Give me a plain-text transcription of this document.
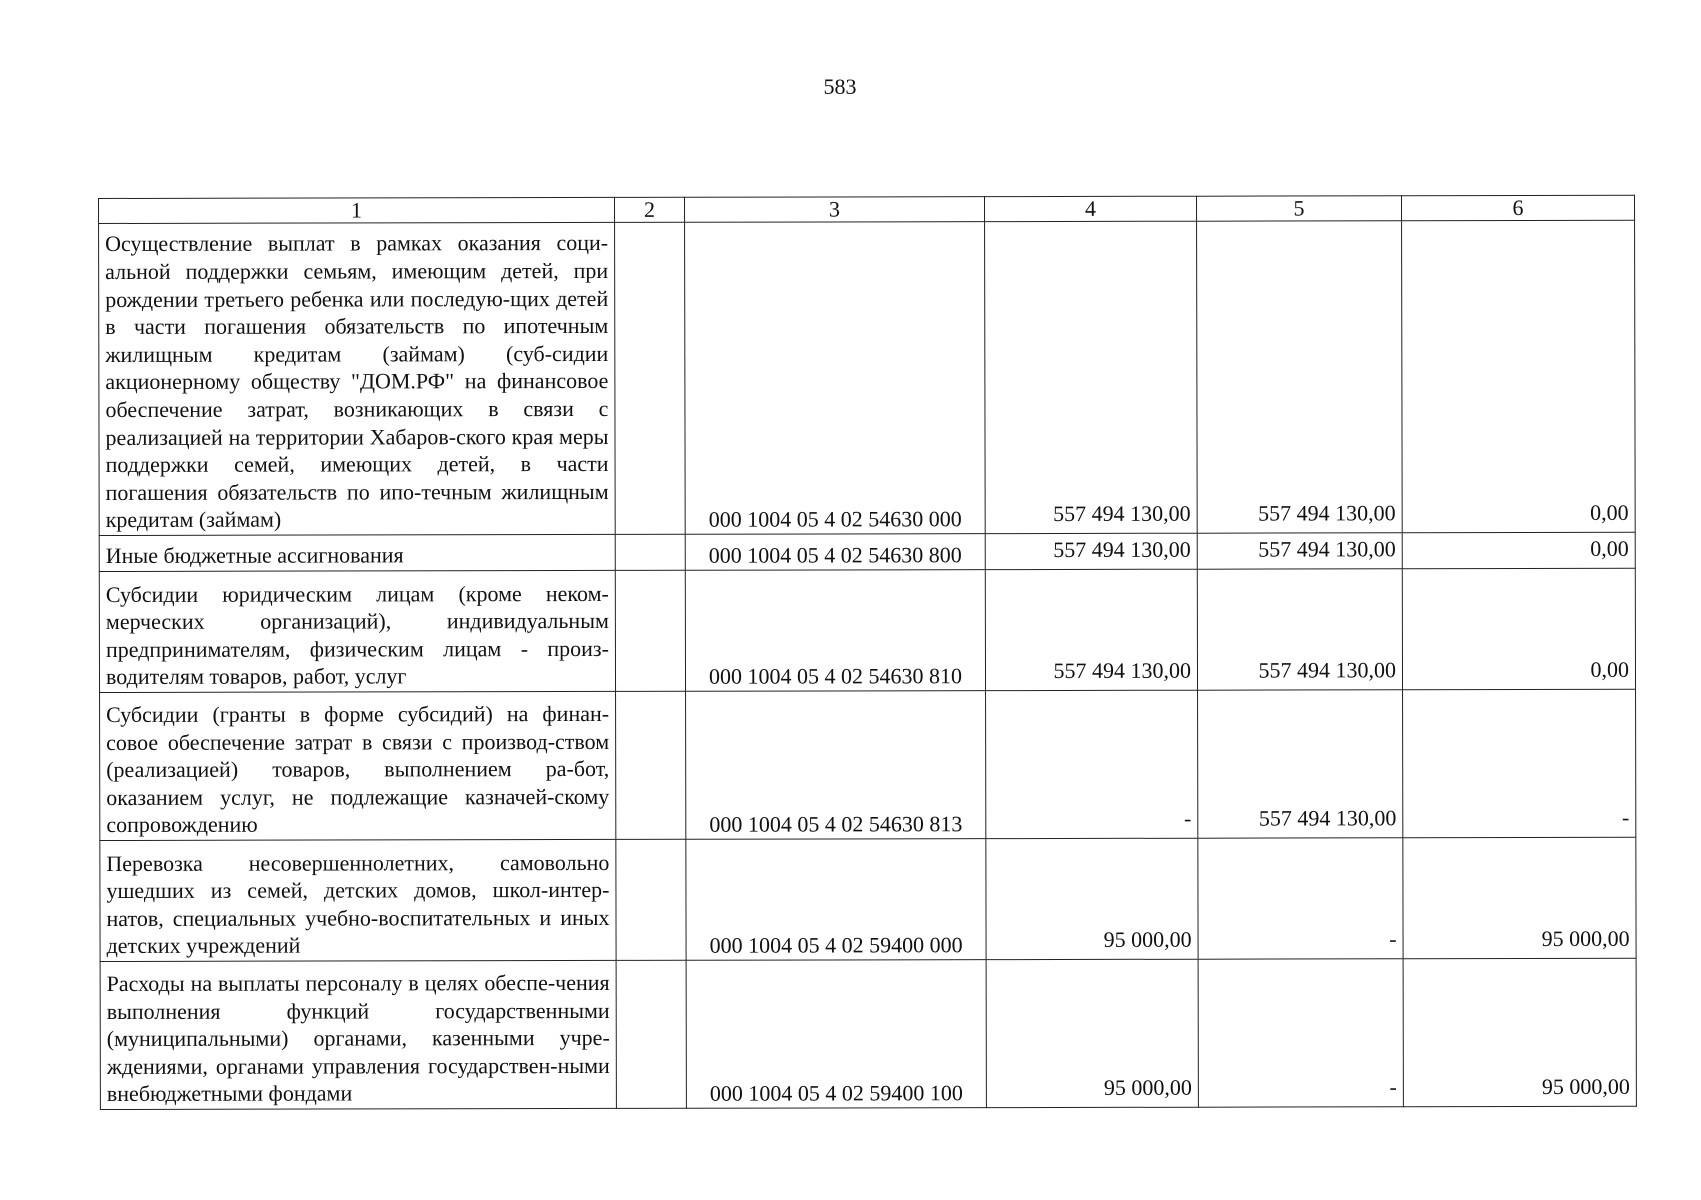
583
1	2	3	4	5	6
Осуществление выплат в рамках оказания соци-альной поддержки семьям, имеющим детей, при рождении третьего ребенка или последую-щих детей в части погашения обязательств по ипотечным жилищным кредитам (займам) (суб-сидии акционерному обществу "ДОМ.РФ" на финансовое обеспечение затрат, возникающих в связи с реализацией на территории Хабаров-ского края меры поддержки семей, имеющих детей, в части погашения обязательств по ипо-течным жилищным кредитам (займам)		000 1004 05 4 02 54630 000	557 494 130,00	557 494 130,00	0,00
Иные бюджетные ассигнования		000 1004 05 4 02 54630 800	557 494 130,00	557 494 130,00	0,00
Субсидии юридическим лицам (кроме неком-мерческих организаций), индивидуальным предпринимателям, физическим лицам - произ-водителям товаров, работ, услуг		000 1004 05 4 02 54630 810	557 494 130,00	557 494 130,00	0,00
Субсидии (гранты в форме субсидий) на финан-совое обеспечение затрат в связи с производ-ством (реализацией) товаров, выполнением ра-бот, оказанием услуг, не подлежащие казначей-скому сопровождению		000 1004 05 4 02 54630 813	-	557 494 130,00	-
Перевозка несовершеннолетних, самовольно ушедших из семей, детских домов, школ-интер-натов, специальных учебно-воспитательных и иных детских учреждений		000 1004 05 4 02 59400 000	95 000,00	-	95 000,00
Расходы на выплаты персоналу в целях обеспе-чения выполнения функций государственными (муниципальными) органами, казенными учре-ждениями, органами управления государствен-ными внебюджетными фондами		000 1004 05 4 02 59400 100	95 000,00	-	95 000,00
